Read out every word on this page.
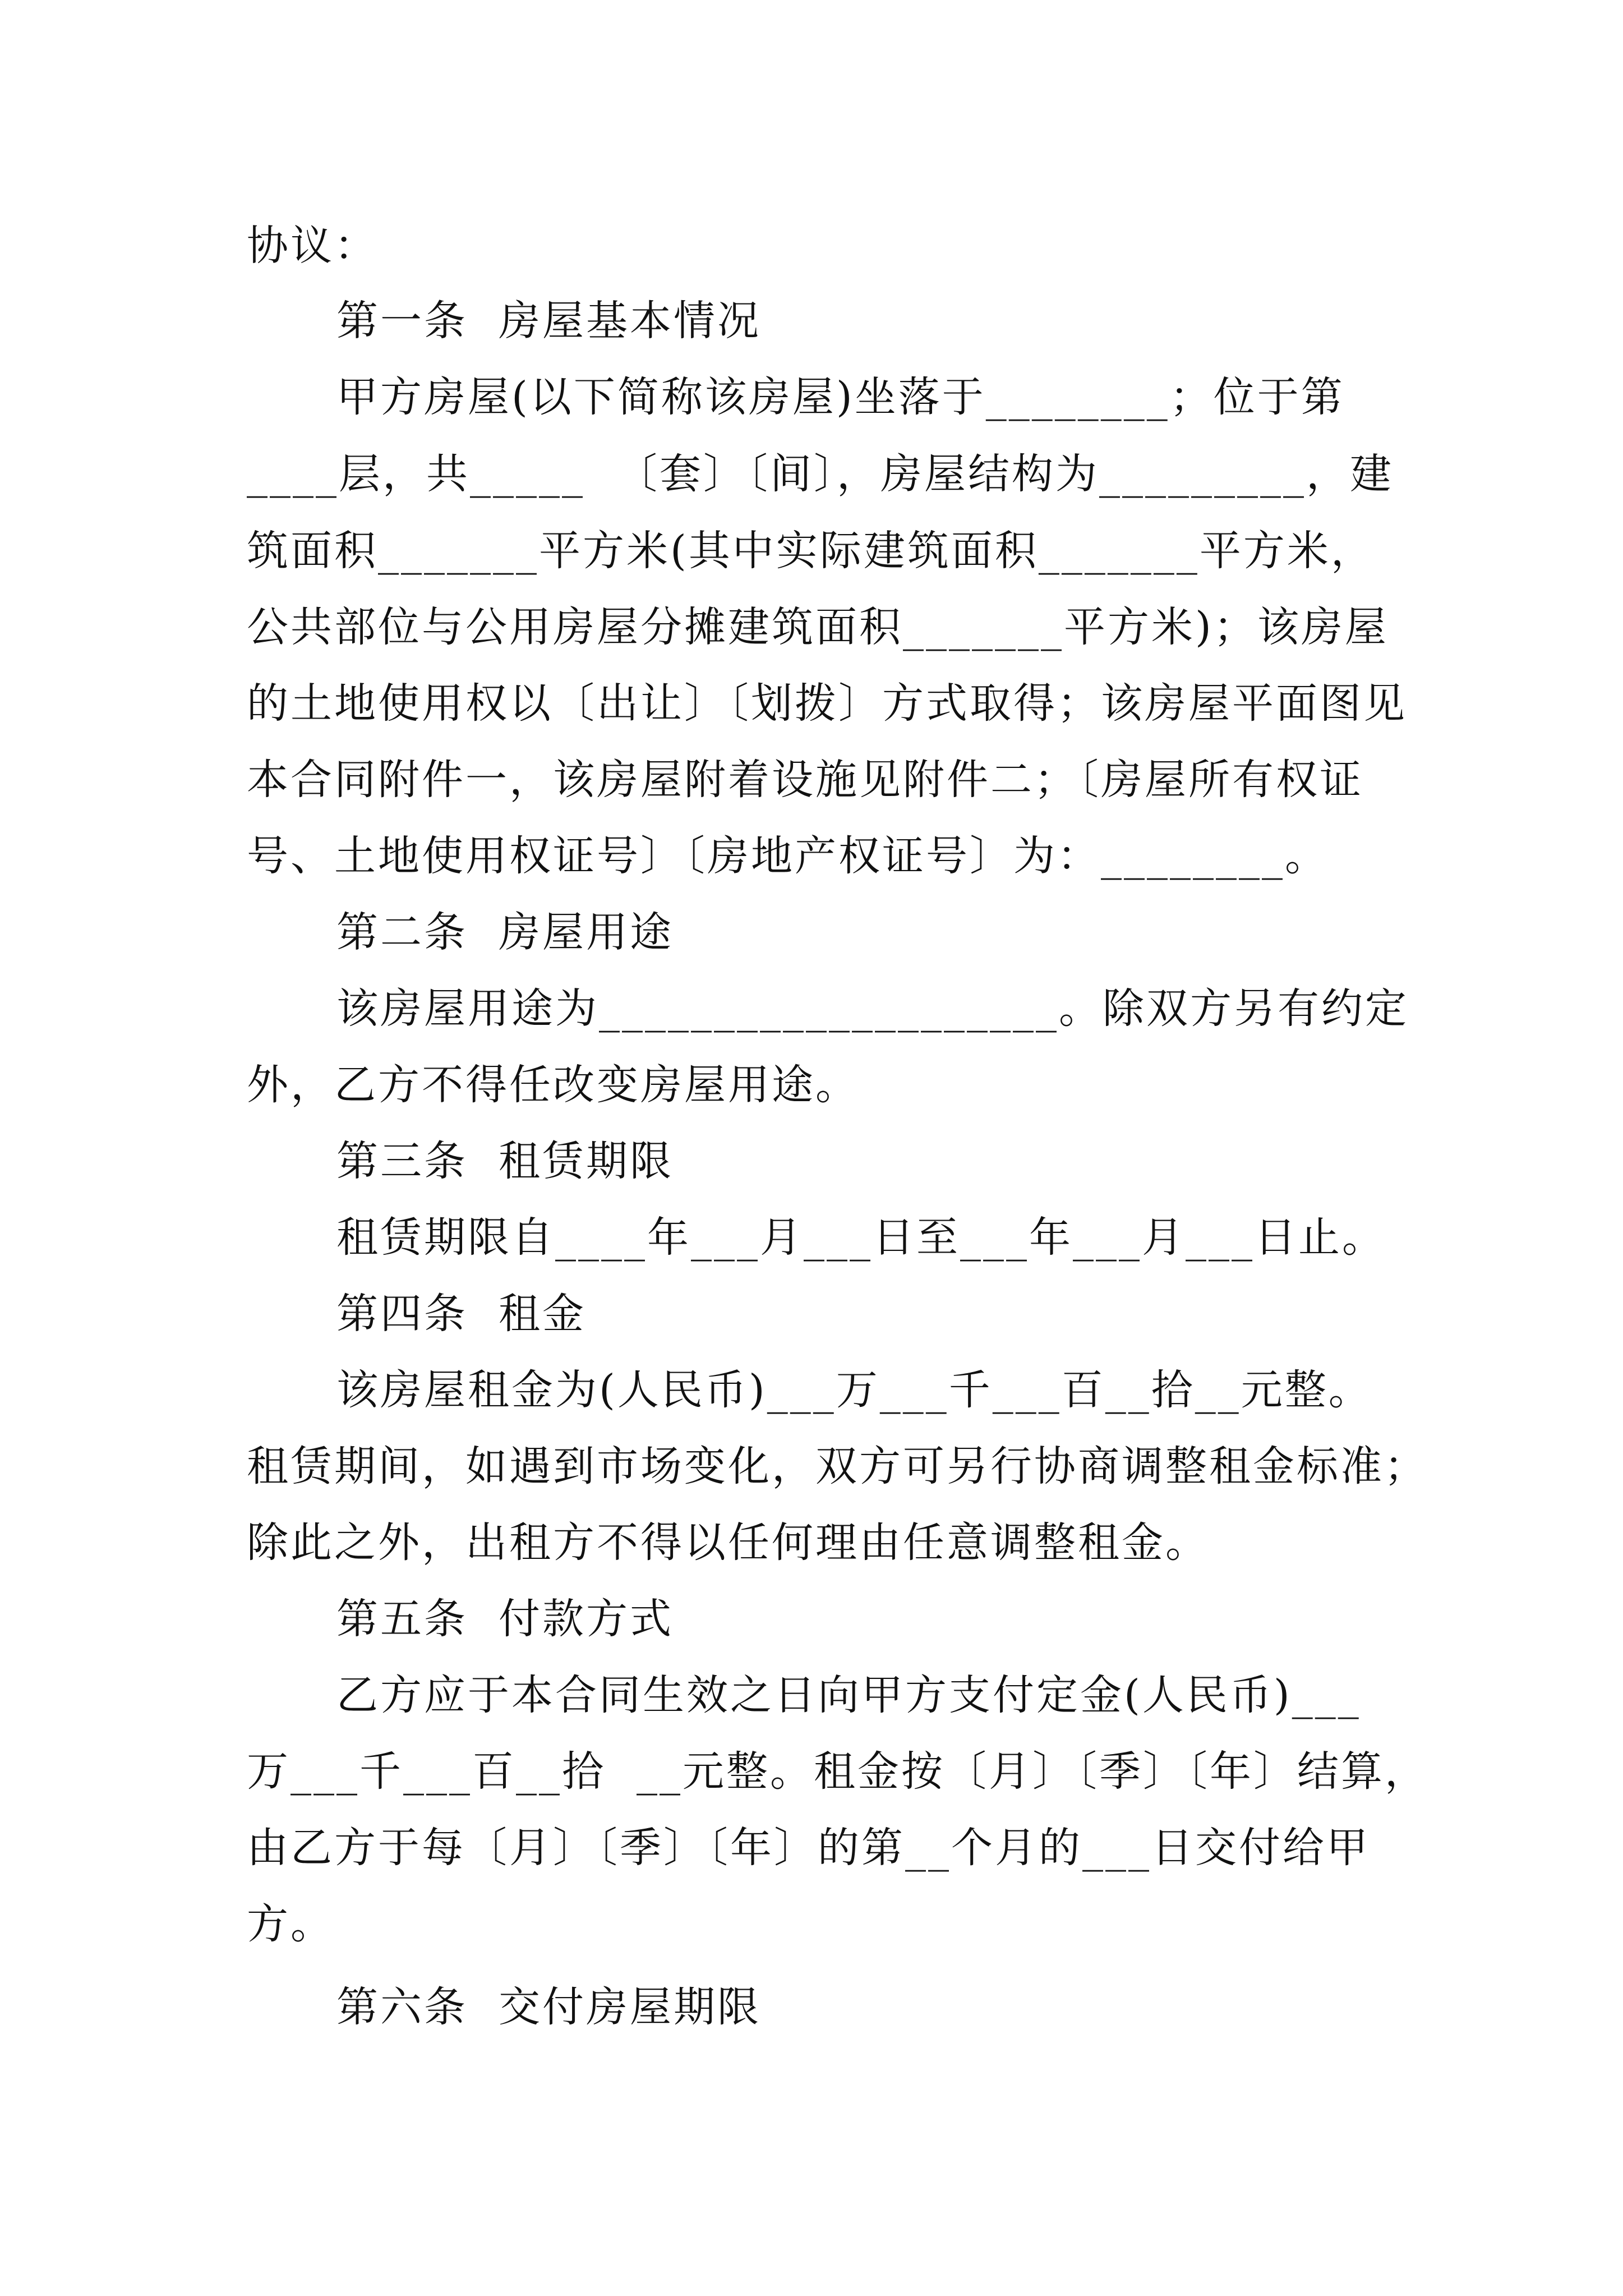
协议：
第一条  房屋基本情况
甲方房屋(以下简称该房屋)坐落于________；位于第
____层，共_____  〔套〕〔间〕，房屋结构为_________，建
筑面积_______平方米(其中实际建筑面积_______平方米，
公共部位与公用房屋分摊建筑面积_______平方米)；该房屋
的土地使用权以〔出让〕〔划拨〕方式取得；该房屋平面图见
本合同附件一，该房屋附着设施见附件二；〔房屋所有权证
号、土地使用权证号〕〔房地产权证号〕为：________。
第二条  房屋用途
该房屋用途为____________________。除双方另有约定
外，乙方不得任改变房屋用途。
第三条  租赁期限
租赁期限自____年___月___日至___年___月___日止。
第四条  租金
该房屋租金为(人民币)___万___千___百__拾__元整。
租赁期间，如遇到市场变化，双方可另行协商调整租金标准；
除此之外，出租方不得以任何理由任意调整租金。
第五条  付款方式
乙方应于本合同生效之日向甲方支付定金(人民币)___
万___千___百__拾  __元整。租金按〔月〕〔季〕〔年〕结算，
由乙方于每〔月〕〔季〕〔年〕的第__个月的___日交付给甲
方。
第六条  交付房屋期限
